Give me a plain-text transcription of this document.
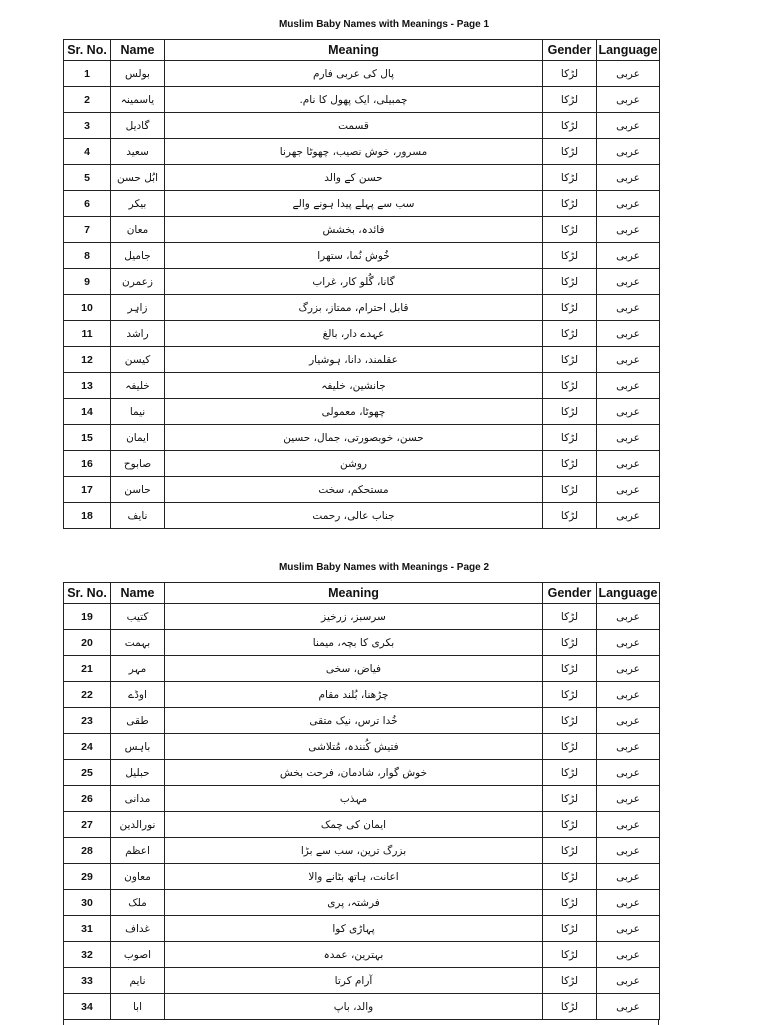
Muslim Baby Names with Meanings - Page 1
Sr. No.	Name	Meaning	Gender	Language
1	بولس	پال کی عربی فارم	لڑکا	عربی
2	یاسمینہ	چمبیلی، ایک پھول کا نام.	لڑکا	عربی
3	گادیل	قسمت	لڑکا	عربی
4	سعید	مسرور، خوش نصیب، چھوٹا جھرنا	لڑکا	عربی
5	ابُل حسن	حسن کے والد	لڑکا	عربی
6	بیکر	سب سے پہلے پیدا ہونے والے	لڑکا	عربی
7	معان	فائدہ، بخشش	لڑکا	عربی
8	جامیل	خُوش نُما، ستھرا	لڑکا	عربی
9	زعمرن	گانا، گُلو کار، غراب	لڑکا	عربی
10	زاہِر	قابل احترام، ممتاز، بزرگ	لڑکا	عربی
11	راشد	عہدے دار، بالغ	لڑکا	عربی
12	کیسن	عقلمند، دانا، ہوشیار	لڑکا	عربی
13	خلیفہ	جانشین، خلیفہ	لڑکا	عربی
14	نیما	چھوٹا، معمولی	لڑکا	عربی
15	ایمان	حسن، خوبصورتی، جمال، حسین	لڑکا	عربی
16	صابوح	روشن	لڑکا	عربی
17	حاسن	مستحکم، سخت	لڑکا	عربی
18	نایف	جناب عالی، رحمت	لڑکا	عربی
Muslim Baby Names with Meanings - Page 2
Sr. No.	Name	Meaning	Gender	Language
19	کتیب	سرسبز، زرخیز	لڑکا	عربی
20	بہمت	بکری کا بچہ، میمنا	لڑکا	عربی
21	مہر	فیاض، سخی	لڑکا	عربی
22	اوڈے	چڑھنا، بُلند مقام	لڑکا	عربی
23	طقی	خُدا ترس، نیک متقی	لڑکا	عربی
24	باہس	فتیش کُنندہ، مُتلاشی	لڑکا	عربی
25	حبلیل	خوش گوار، شادمان، فرحت بخش	لڑکا	عربی
26	مدانی	مہذب	لڑکا	عربی
27	نورالدین	ایمان کی چمک	لڑکا	عربی
28	اعظم	بزرگ ترین، سب سے بڑا	لڑکا	عربی
29	معاون	اعانت، ہاتھ بٹانے والا	لڑکا	عربی
30	ملک	فرشتہ، پری	لڑکا	عربی
31	غداف	پہاڑی کوا	لڑکا	عربی
32	اصوب	بہترین، عمدہ	لڑکا	عربی
33	نایم	آرام کرتا	لڑکا	عربی
34	ابا	والد، باپ	لڑکا	عربی
